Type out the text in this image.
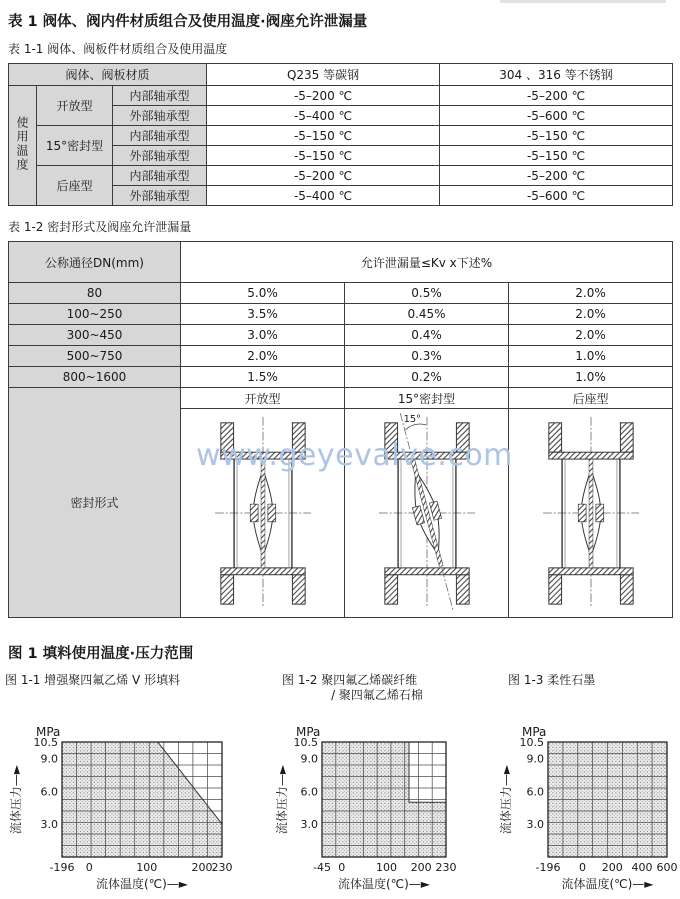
表 1 阀体、阀内件材质组合及使用温度·阀座允许泄漏量
表 1-1 阀体、阀板件材质组合及使用温度
阀体、阀板材质			Q235 等碳钢	304 、316 等不锈钢
使用温度	开放型	内部轴承型	-5–200 ℃	-5–200 ℃
		外部轴承型	-5–400 ℃	-5–600 ℃
	15°密封型	内部轴承型	-5–150 ℃	-5–150 ℃
		外部轴承型	-5–150 ℃	-5–150 ℃
	后座型	内部轴承型	-5–200 ℃	-5–200 ℃
		外部轴承型	-5–400 ℃	-5–600 ℃
表 1-2 密封形式及阀座允许泄漏量
公称通径DN(mm)	允许泄漏量≤Kv x下述%		
80	5.0%	0.5%	2.0%
100~250	3.5%	0.45%	2.0%
300~450	3.0%	0.4%	2.0%
500~750	2.0%	0.3%	1.0%
800~1600	1.5%	0.2%	1.0%
密封形式	开放型	15°密封型	后座型

15°

www.geyevalve.com
图 1 填料使用温度·压力范围
图 1-1 增强聚四氟乙烯 V 形填料	图 1-2 聚四氟乙烯碳纤维
/ 聚四氟乙烯石棉
图 1-3 柔性石墨
MPa
10.5
9.0
6.0
3.0
-196 0	100	200 230
流体温度(℃)—►
流体压力—►
MPa
10.5
9.0
6.0
3.0
-45 0	100 200 230
流体温度(℃)—►
流体压力—►
MPa
10.5
9.0
6.0
3.0
-196 0 200 400 600
流体温度(℃)—►
流体压力—►
